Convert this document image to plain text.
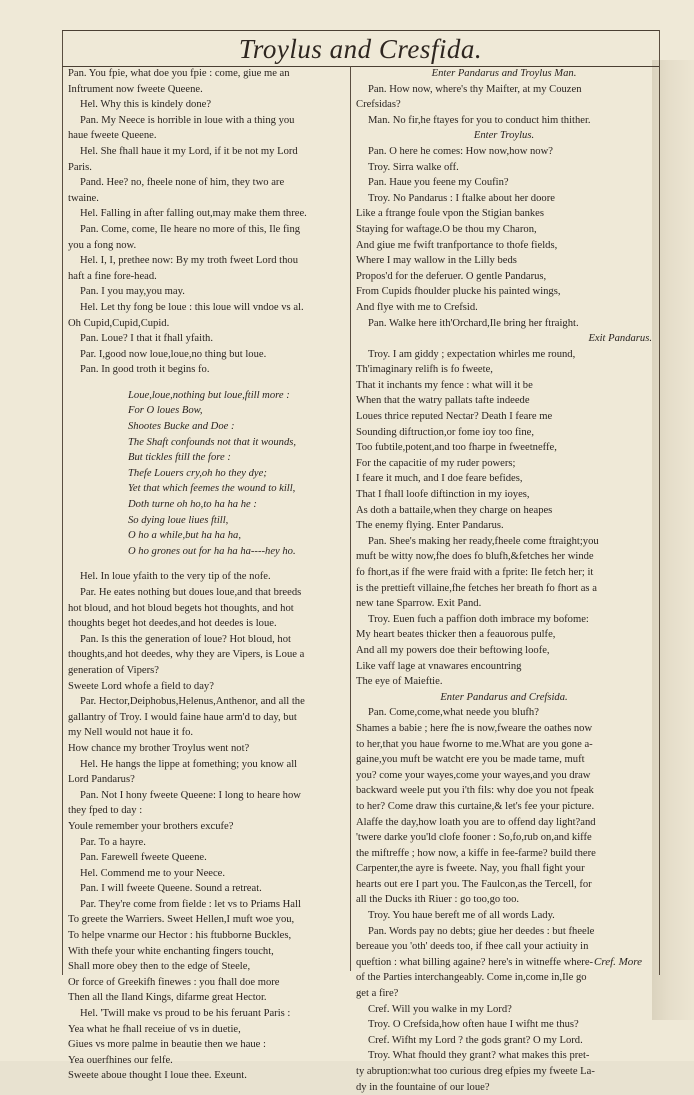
Troylus and Cresfida.
Pan. You fpie, what doe you fpie : come, giue me an
Inftrument now fweete Queene.
Hel. Why this is kindely done?
Pan. My Neece is horrible in loue with a thing you
haue fweete Queene.
Hel. She fhall haue it my Lord, if it be not my Lord
Paris.
Pand. Hee? no, fheele none of him, they two are
twaine.
Hel. Falling in after falling out,may make them three.
Pan. Come, come, Ile heare no more of this, Ile fing
you a fong now.
Hel. I, I, prethee now: By my troth fweet Lord thou
haft a fine fore-head.
Pan. I you may,you may.
Hel. Let thy fong be loue : this loue will vndoe vs al.
Oh Cupid,Cupid,Cupid.
Pan. Loue? I that it fhall yfaith.
Par. I,good now loue,loue,no thing but loue.
Pan. In good troth it begins fo.
Loue,loue,nothing but loue,ftill more :
For O loues Bow,
Shootes Bucke and Doe :
The Shaft confounds not that it wounds,
But tickles ftill the fore :
Thefe Louers cry,oh ho they dye;
Yet that which feemes the wound to kill,
Doth turne oh ho,to ha ha he :
So dying loue liues ftill,
O ho a while,but ha ha ha,
O ho grones out for ha ha ha----hey ho.
Hel. In loue yfaith to the very tip of the nofe.
Par. He eates nothing but doues loue,and that breeds
hot bloud, and hot bloud begets hot thoughts, and hot
thoughts beget hot deedes,and hot deedes is loue.
Pan. Is this the generation of loue? Hot bloud, hot
thoughts,and hot deedes, why they are Vipers, is Loue a
generation of Vipers?
Sweete Lord whofe a field to day?
Par. Hector,Deiphobus,Helenus,Anthenor, and all the
gallantry of Troy. I would faine haue arm'd to day, but
my Nell would not haue it fo.
How chance my brother Troylus went not?
Hel. He hangs the lippe at fomething; you know all
Lord Pandarus?
Pan. Not I hony fweete Queene: I long to heare how
they fped to day :
Youle remember your brothers excufe?
Par. To a hayre.
Pan. Farewell fweete Queene.
Hel. Commend me to your Neece.
Pan. I will fweete Queene. Sound a retreat.
Par. They're come from fielde : let vs to Priams Hall
To greete the Warriers. Sweet Hellen,I muft woe you,
To helpe vnarme our Hector : his ftubborne Buckles,
With thefe your white enchanting fingers toucht,
Shall more obey then to the edge of Steele,
Or force of Greekifh finewes : you fhall doe more
Then all the Iland Kings, difarme great Hector.
Hel. 'Twill make vs proud to be his feruant Paris :
Yea what he fhall receiue of vs in duetie,
Giues vs more palme in beautie then we haue :
Yea ouerfhines our felfe.
Sweete aboue thought I loue thee. Exeunt.
Enter Pandarus and Troylus Man.
Pan. How now, where's thy Maifter, at my Couzen
Crefsidas?
Man. No fir,he ftayes for you to conduct him thither.
Enter Troylus.
Pan. O here he comes: How now,how now?
Troy. Sirra walke off.
Pan. Haue you feene my Coufin?
Troy. No Pandarus : I ftalke about her doore
Like a ftrange foule vpon the Stigian bankes
Staying for waftage.O be thou my Charon,
And giue me fwift tranfportance to thofe fields,
Where I may wallow in the Lilly beds
Propos'd for the deferuer. O gentle Pandarus,
From Cupids fhoulder plucke his painted wings,
And flye with me to Crefsid.
Pan. Walke here ith'Orchard,Ile bring her ftraight.
Exit Pandarus.
Troy. I am giddy ; expectation whirles me round,
Th'imaginary relifh is fo fweete,
That it inchants my fence : what will it be
When that the watry pallats tafte indeede
Loues thrice reputed Nectar? Death I feare me
Sounding diftruction,or fome ioy too fine,
Too fubtile,potent,and too fharpe in fweetneffe,
For the capacitie of my ruder powers;
I feare it much, and I doe feare befides,
That I fhall loofe diftinction in my ioyes,
As doth a battaile,when they charge on heapes
The enemy flying. Enter Pandarus.
Pan. Shee's making her ready,fheele come ftraight;you
muft be witty now,fhe does fo blufh,&fetches her winde
fo fhort,as if fhe were fraid with a fprite: Ile fetch her; it
is the prettieft villaine,fhe fetches her breath fo fhort as a
new tane Sparrow. Exit Pand.
Troy. Euen fuch a paffion doth imbrace my bofome:
My heart beates thicker then a feauorous pulfe,
And all my powers doe their beftowing loofe,
Like vaff lage at vnawares encountring
The eye of Maieftie.
Enter Pandarus and Crefsida.
Pan. Come,come,what neede you blufh?
Shames a babie ; here fhe is now,fweare the oathes now
to her,that you haue fworne to me.What are you gone a-
gaine,you muft be watcht ere you be made tame, muft
you? come your wayes,come your wayes,and you draw
backward weele put you i'th fils: why doe you not fpeak
to her? Come draw this curtaine,& let's fee your picture.
Alaffe the day,how loath you are to offend day light?and
'twere darke you'ld clofe fooner : So,fo,rub on,and kiffe
the miftreffe ; how now, a kiffe in fee-farme? build there
Carpenter,the ayre is fweete. Nay, you fhall fight your
hearts out ere I part you. The Faulcon,as the Tercell, for
all the Ducks ith Riuer : go too,go too.
Troy. You haue bereft me of all words Lady.
Pan. Words pay no debts; giue her deedes : but fheele
bereaue you 'oth' deeds too, if fhee call your actiuity in
queftion : what billing againe? here's in witneffe where-
of the Parties interchangeably. Come in,come in,Ile go
get a fire?
Cref. Will you walke in my Lord?
Troy. O Crefsida,how often haue I wifht me thus?
Cref. Wifht my Lord ? the gods grant? O my Lord.
Troy. What fhould they grant? what makes this pret-
ty abruption:what too curious dreg efpies my fweete La-
dy in the fountaine of our loue?
Cref. More
